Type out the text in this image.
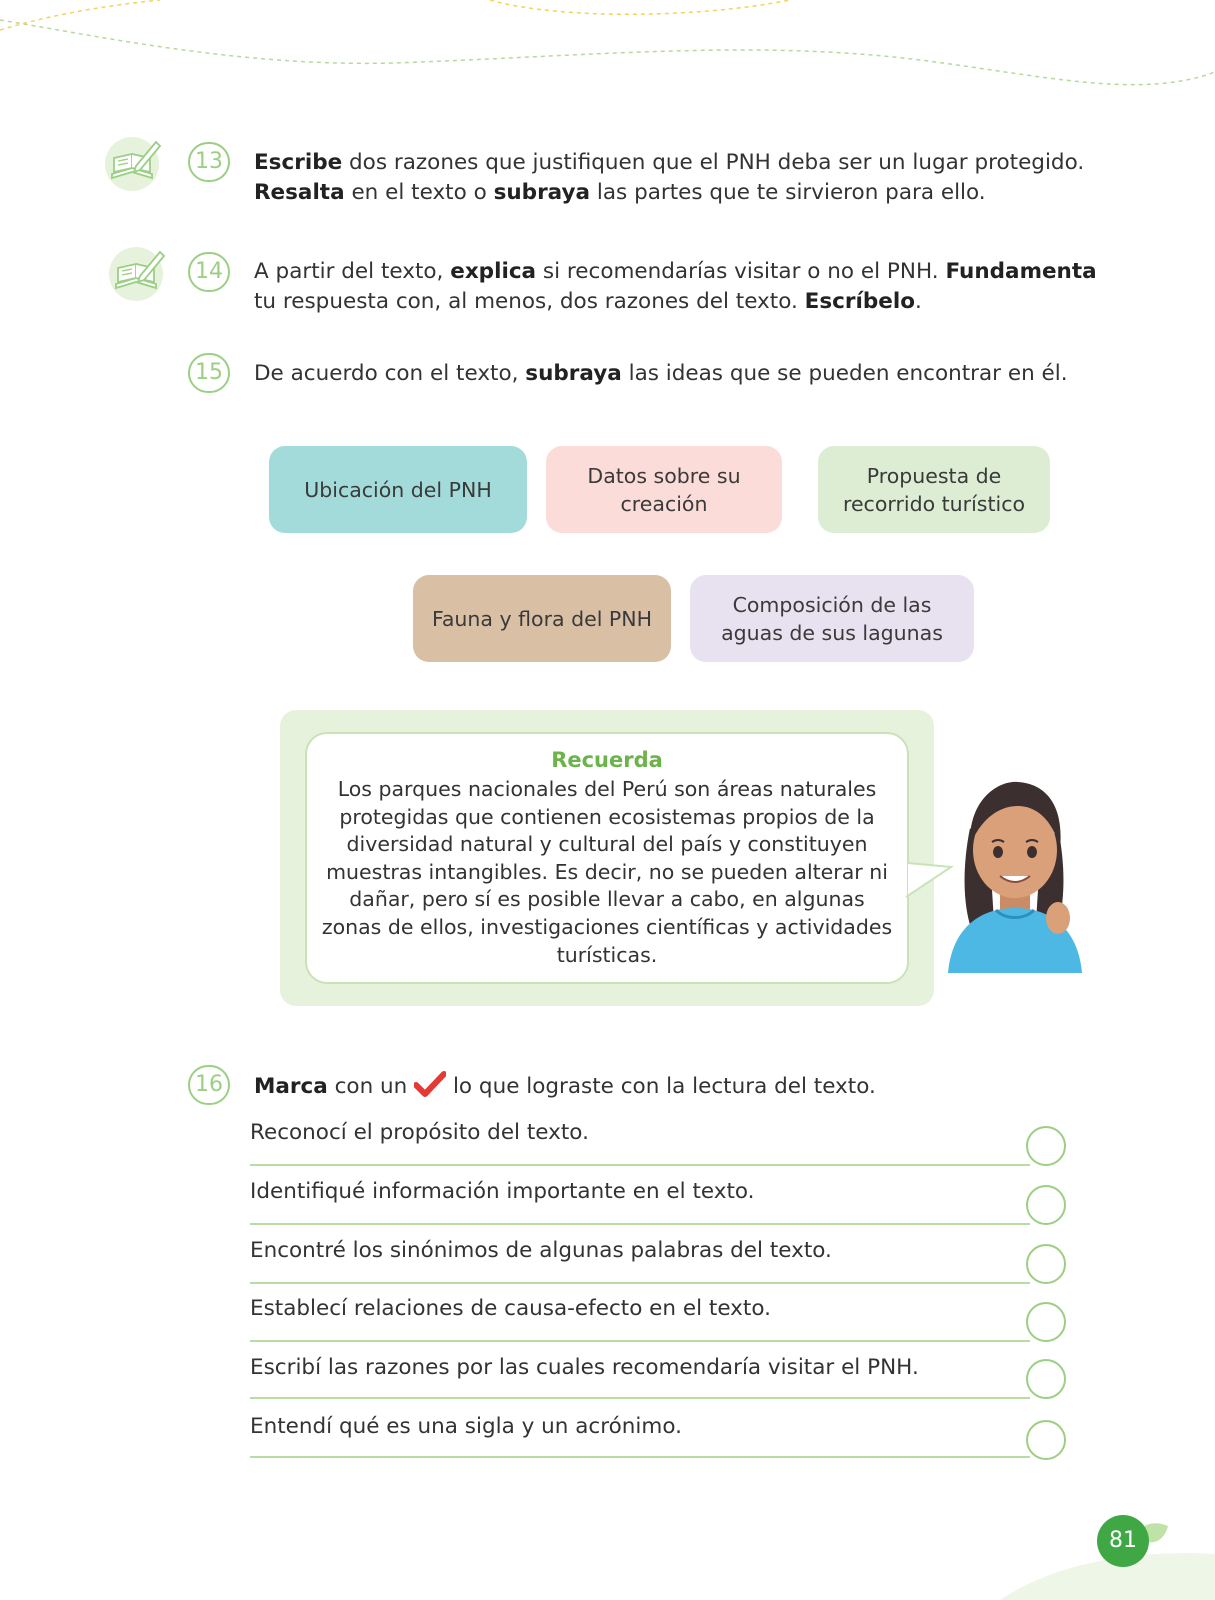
13	Escribe dos razones que justifiquen que el PNH deba ser un lugar protegido.
Resalta en el texto o subraya las partes que te sirvieron para ello.
14	A partir del texto, explica si recomendarías visitar o no el PNH. Fundamenta
tu respuesta con, al menos, dos razones del texto. Escríbelo.
15	De acuerdo con el texto, subraya las ideas que se pueden encontrar en él.
Ubicación del PNH
Datos sobre su creación
Propuesta de recorrido turístico
Fauna y flora del PNH
Composición de las aguas de sus lagunas
Recuerda
Los parques nacionales del Perú son áreas naturales protegidas que contienen ecosistemas propios de la diversidad natural y cultural del país y constituyen muestras intangibles. Es decir, no se pueden alterar ni dañar, pero sí es posible llevar a cabo, en algunas zonas de ellos, investigaciones científicas y actividades turísticas.
16	Marca con un  lo que lograste con la lectura del texto.
Reconocí el propósito del texto.
Identifiqué información importante en el texto.
Encontré los sinónimos de algunas palabras del texto.
Establecí relaciones de causa-efecto en el texto.
Escribí las razones por las cuales recomendaría visitar el PNH.
Entendí qué es una sigla y un acrónimo.
81
